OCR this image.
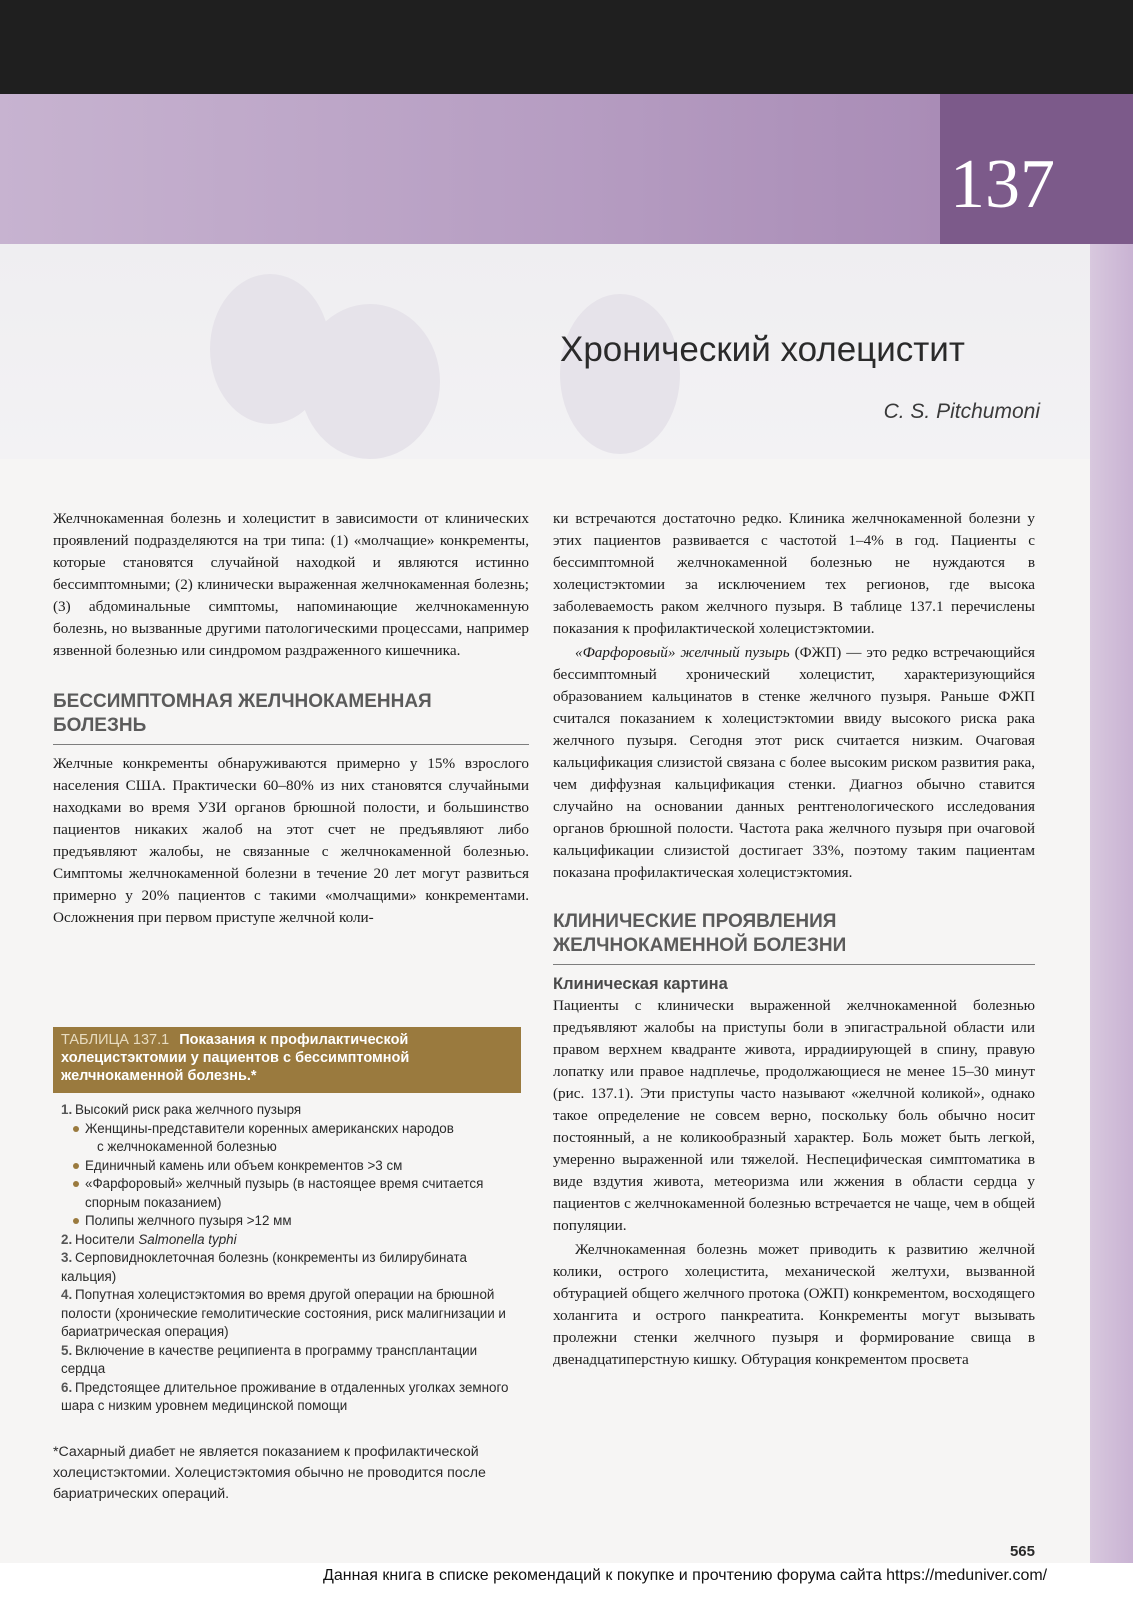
137
Хронический холецистит
C. S. Pitchumoni

Желчнокаменная болезнь и холецистит в зависимости от клинических проявлений подразделяются на три типа: (1) «молчащие» конкременты, которые становятся случайной находкой и являются истинно бессимптомными; (2) клинически выраженная желчнокаменная болезнь; (3) абдоминальные симптомы, напоминающие желчнокаменную болезнь, но вызванные другими патологическими процессами, например язвенной болезнью или синдромом раздраженного кишечника.

БЕССИМПТОМНАЯ ЖЕЛЧНОКАМЕННАЯ
БОЛЕЗНЬ

Желчные конкременты обнаруживаются примерно у 15% взрослого населения США. Практически 60–80% из них становятся случайными находками во время УЗИ органов брюшной полости, и большинство пациентов никаких жалоб на этот счет не предъявляют либо предъявляют жалобы, не связанные с желчнокаменной болезнью. Симптомы желчнокаменной болезни в течение 20 лет могут развиться примерно у 20% пациентов с такими «молчащими» конкрементами. Осложнения при первом приступе желчной коли-

ТАБЛИЦА 137.1 Показания к профилактической холецистэктомии у пациентов с бессимптомной желчнокаменной болезнь.*
1. Высокий риск рака желчного пузыря
Женщины-представители коренных американских народов
с желчнокаменной болезнью
Единичный камень или объем конкрементов >3 см
«Фарфоровый» желчный пузырь (в настоящее время считается спорным показанием)
Полипы желчного пузыря >12 мм
2. Носители Salmonella typhi
3. Серповидноклеточная болезнь (конкременты из билирубината кальция)
4. Попутная холецистэктомия во время другой операции на брюшной полости (хронические гемолитические состояния, риск малигнизации и бариатрическая операция)
5. Включение в качестве реципиента в программу трансплантации сердца
6. Предстоящее длительное проживание в отдаленных уголках земного шара с низким уровнем медицинской помощи
*Сахарный диабет не является показанием к профилактической холецистэктомии. Холецистэктомия обычно не проводится после бариатрических операций.

ки встречаются достаточно редко. Клиника желчнокаменной болезни у этих пациентов развивается с частотой 1–4% в год. Пациенты с бессимптомной желчнокаменной болезнью не нуждаются в холецистэктомии за исключением тех регионов, где высока заболеваемость раком желчного пузыря. В таблице 137.1 перечислены показания к профилактической холецистэктомии.

«Фарфоровый» желчный пузырь (ФЖП) — это редко встречающийся бессимптомный хронический холецистит, характеризующийся образованием кальцинатов в стенке желчного пузыря. Раньше ФЖП считался показанием к холецистэктомии ввиду высокого риска рака желчного пузыря. Сегодня этот риск считается низким. Очаговая кальцификация слизистой связана с более высоким риском развития рака, чем диффузная кальцификация стенки. Диагноз обычно ставится случайно на основании данных рентгенологического исследования органов брюшной полости. Частота рака желчного пузыря при очаговой кальцификации слизистой достигает 33%, поэтому таким пациентам показана профилактическая холецистэктомия.

КЛИНИЧЕСКИЕ ПРОЯВЛЕНИЯ
ЖЕЛЧНОКАМЕННОЙ БОЛЕЗНИ
Клиническая картина

Пациенты с клинически выраженной желчнокаменной болезнью предъявляют жалобы на приступы боли в эпигастральной области или правом верхнем квадранте живота, иррадиирующей в спину, правую лопатку или правое надплечье, продолжающиеся не менее 15–30 минут (рис. 137.1). Эти приступы часто называют «желчной коликой», однако такое определение не совсем верно, поскольку боль обычно носит постоянный, а не коликообразный характер. Боль может быть легкой, умеренно выраженной или тяжелой. Неспецифическая симптоматика в виде вздутия живота, метеоризма или жжения в области сердца у пациентов с желчнокаменной болезнью встречается не чаще, чем в общей популяции.

Желчнокаменная болезнь может приводить к развитию желчной колики, острого холецистита, механической желтухи, вызванной обтурацией общего желчного протока (ОЖП) конкрементом, восходящего холангита и острого панкреатита. Конкременты могут вызывать пролежни стенки желчного пузыря и формирование свища в двенадцатиперстную кишку. Обтурация конкрементом просвета

565
Данная книга в списке рекомендаций к покупке и прочтению форума сайта https://meduniver.com/
